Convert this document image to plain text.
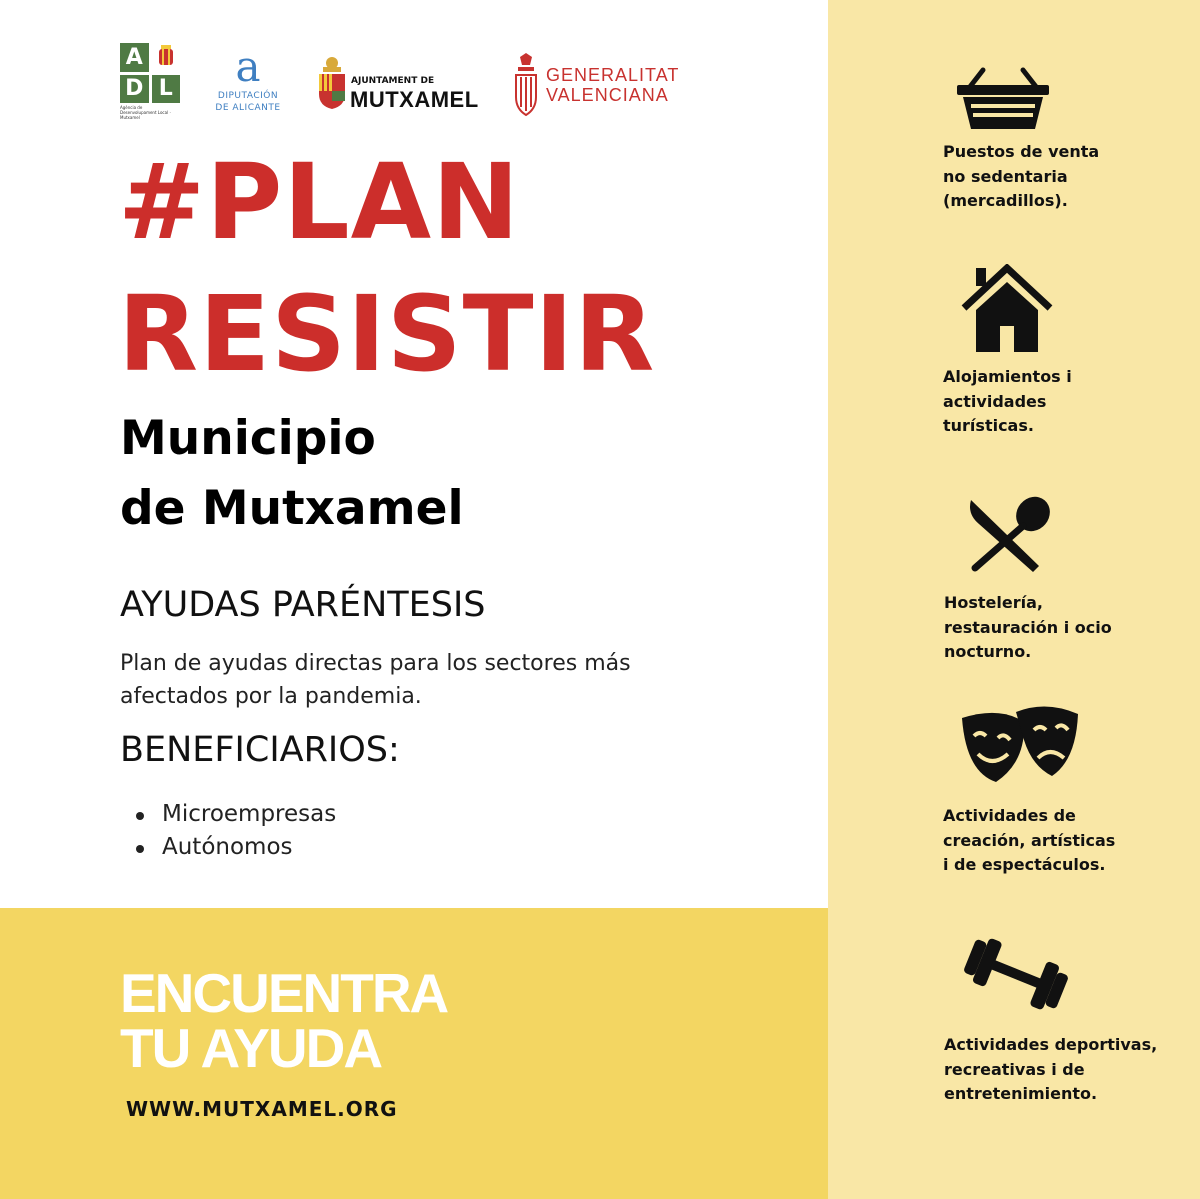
A
D L
Agència de Desenvolupament Local · Mutxamel
a
DIPUTACIÓN
DE ALICANTE
AJUNTAMENT DE
MUTXAMEL
GENERALITAT
VALENCIANA
#PLAN
RESISTIR
Municipio
de Mutxamel
AYUDAS PARÉNTESIS
Plan de ayudas directas para los sectores más afectados por la pandemia.
BENEFICIARIOS:
Microempresas
Autónomos
ENCUENTRA
TU AYUDA
WWW.MUTXAMEL.ORG
Puestos de venta
no sedentaria
(mercadillos).
Alojamientos i
actividades
turísticas.
Hostelería,
restauración i ocio
nocturno.
Actividades de
creación, artísticas
i de espectáculos.
Actividades deportivas,
recreativas i de
entretenimiento.
